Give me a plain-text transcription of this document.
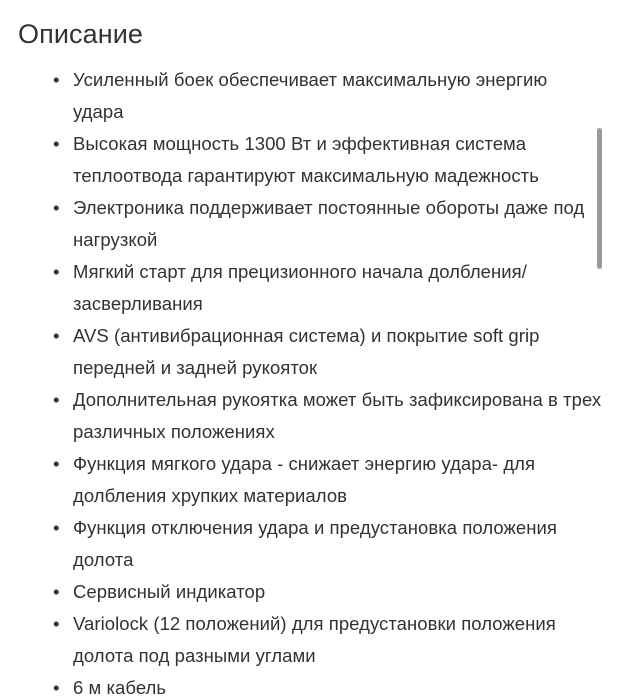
Описание
• Усиленный боек обеспечивает максимальную энергию удара
• Высокая мощность 1300 Вт и эффективная система теплоотвода гарантируют максимальную мадежность
• Электроника поддерживает постоянные обороты даже под нагрузкой
• Мягкий старт для прецизионного начала долбления/ засверливания
• AVS (антивибрационная система) и покрытие soft grip передней и задней рукояток
• Дополнительная рукоятка может быть зафиксирована в трех различных положениях
• Функция мягкого удара - снижает энергию удара- для долбления хрупких материалов
• Функция отключения удара и предустановка положения долота
• Сервисный индикатор
• Variolock (12 положений) для предустановки положения долота под разными углами
• 6 м кабель
